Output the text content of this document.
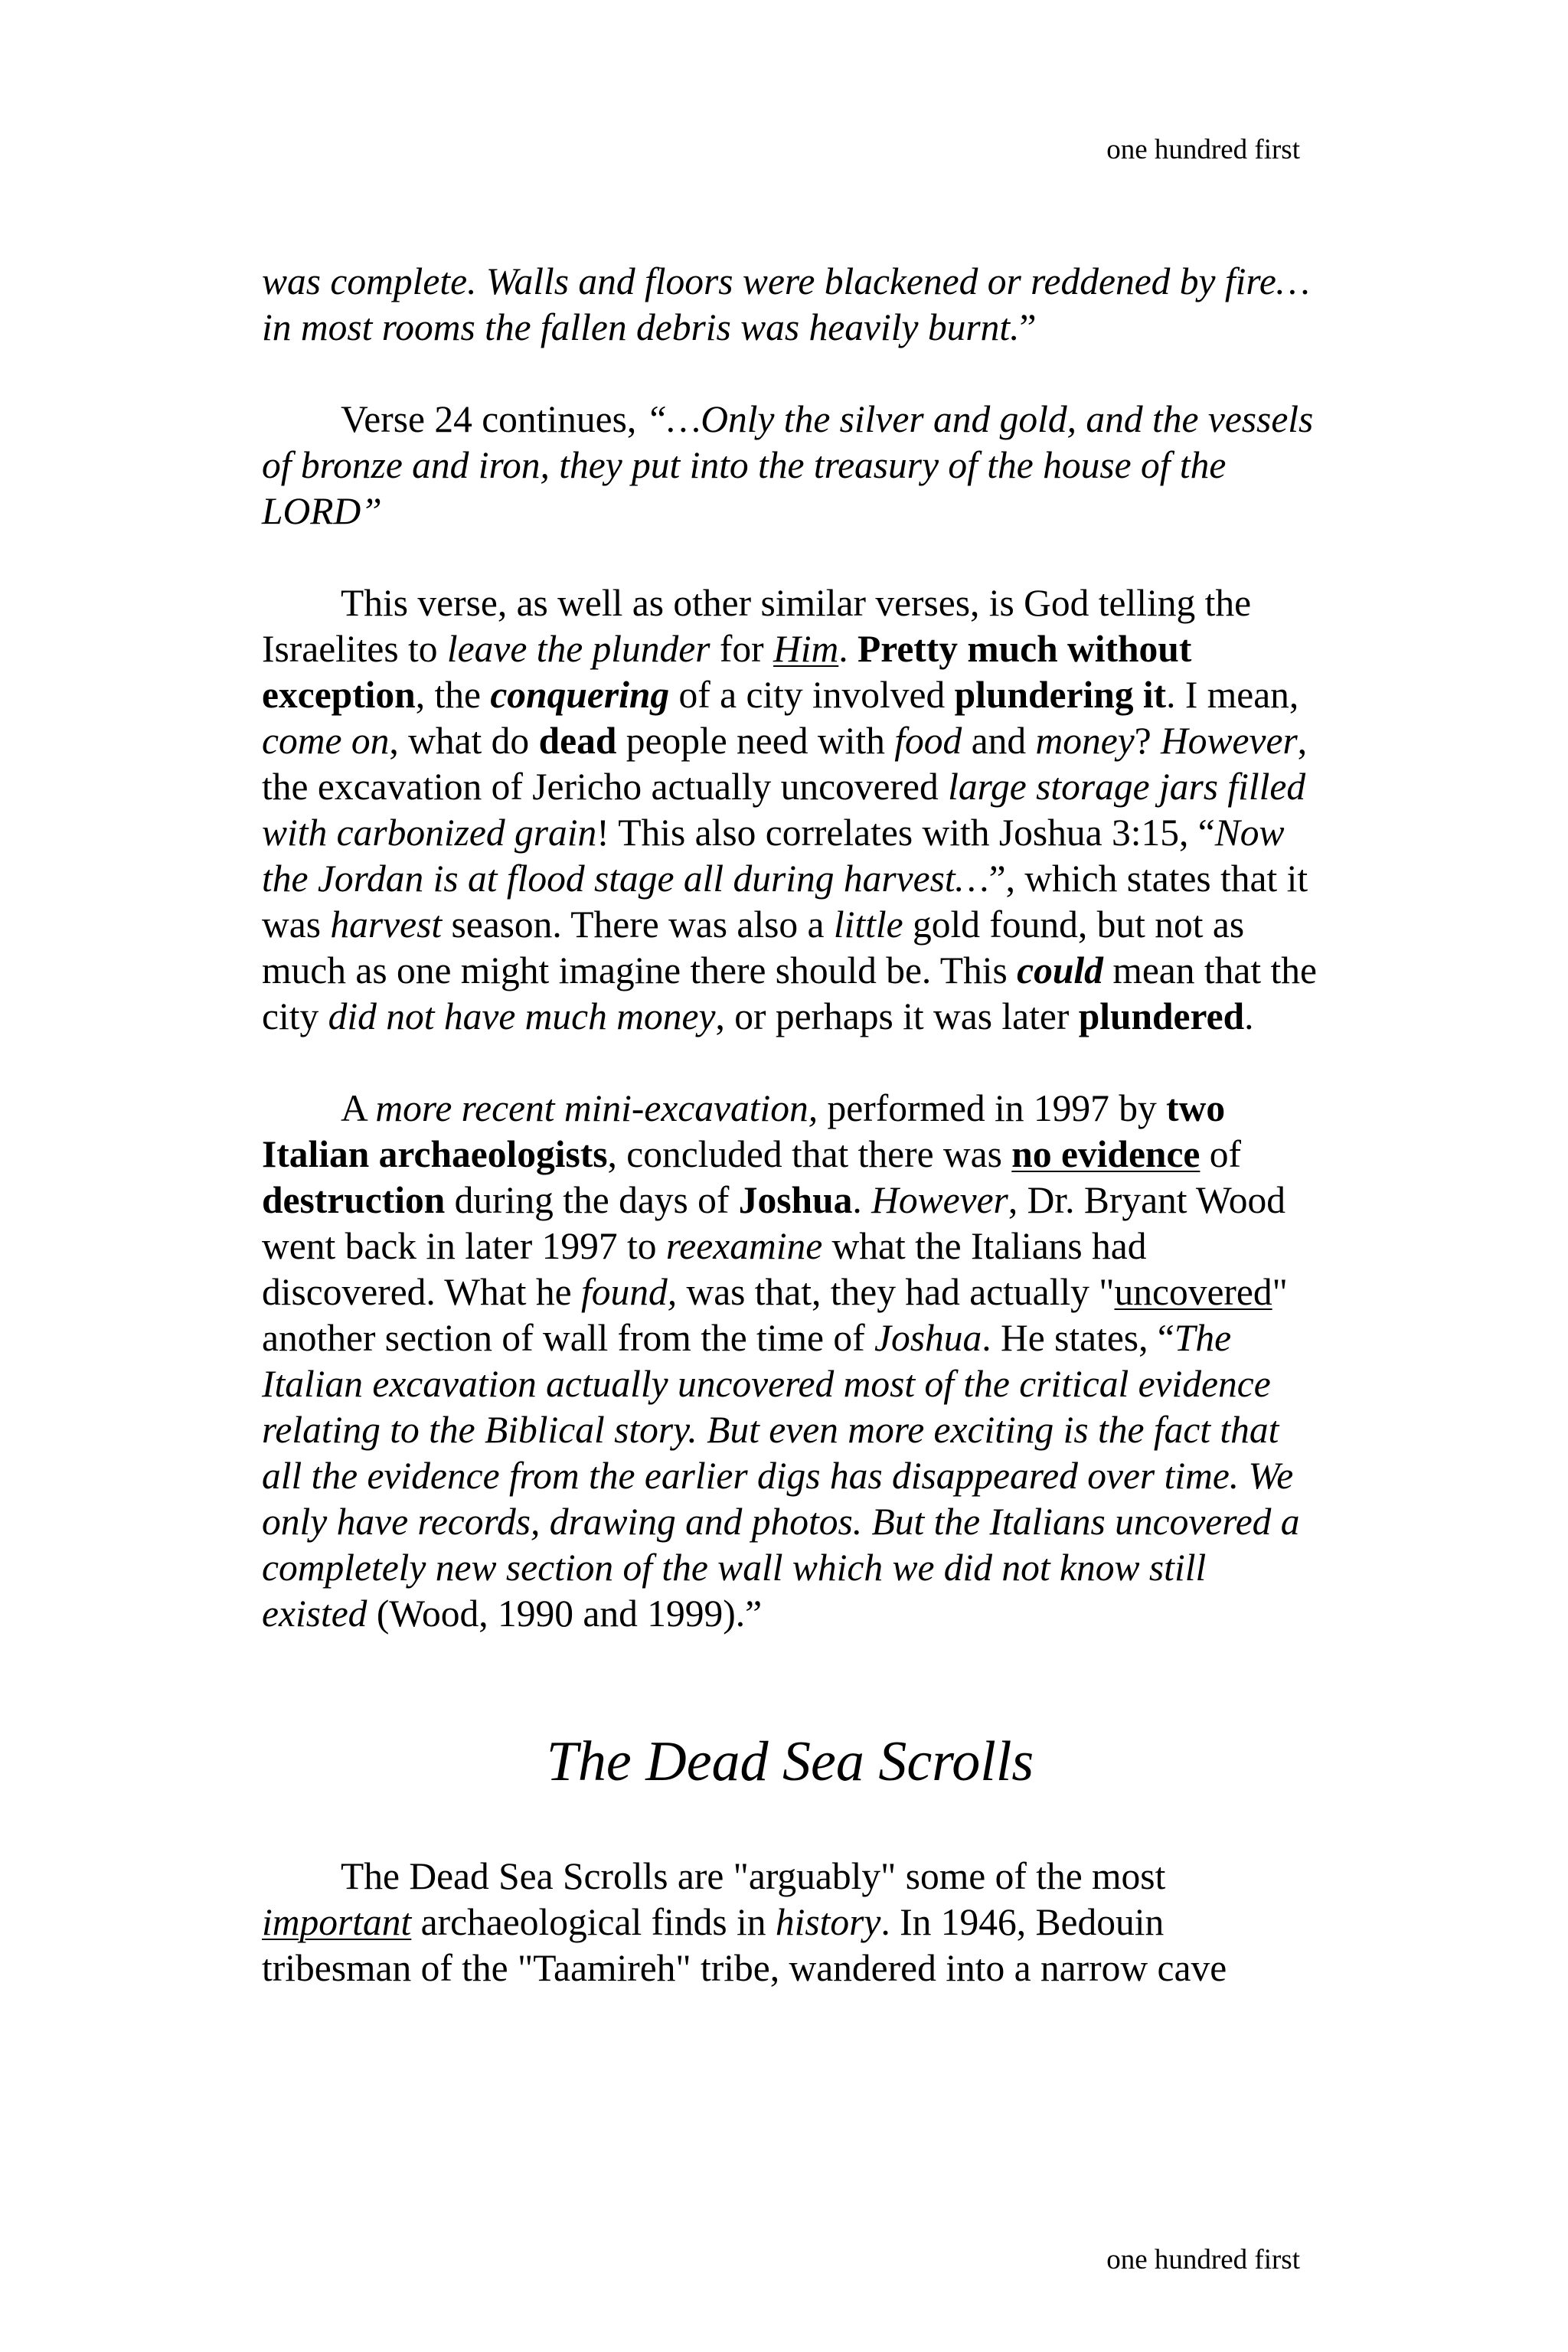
one hundred first

was complete. Walls and floors were blackened or reddened by fire…in most rooms the fallen debris was heavily burnt.”

Verse 24 continues, “…Only the silver and gold, and the vessels of bronze and iron, they put into the treasury of the house of the LORD”

This verse, as well as other similar verses, is God telling the Israelites to leave the plunder for Him. Pretty much without exception, the conquering of a city involved plundering it. I mean, come on, what do dead people need with food and money? However, the excavation of Jericho actually uncovered large storage jars filled with carbonized grain! This also correlates with Joshua 3:15, “Now the Jordan is at flood stage all during harvest…”, which states that it was harvest season. There was also a little gold found, but not as much as one might imagine there should be. This could mean that the city did not have much money, or perhaps it was later plundered.

A more recent mini-excavation, performed in 1997 by two Italian archaeologists, concluded that there was no evidence of destruction during the days of Joshua. However, Dr. Bryant Wood went back in later 1997 to reexamine what the Italians had discovered. What he found, was that, they had actually "uncovered" another section of wall from the time of Joshua. He states, “The Italian excavation actually uncovered most of the critical evidence relating to the Biblical story. But even more exciting is the fact that all the evidence from the earlier digs has disappeared over time. We only have records, drawing and photos. But the Italians uncovered a completely new section of the wall which we did not know still existed (Wood, 1990 and 1999).”

The Dead Sea Scrolls

The Dead Sea Scrolls are "arguably" some of the most important archaeological finds in history. In 1946, Bedouin tribesman of the "Taamireh" tribe, wandered into a narrow cave

one hundred first
